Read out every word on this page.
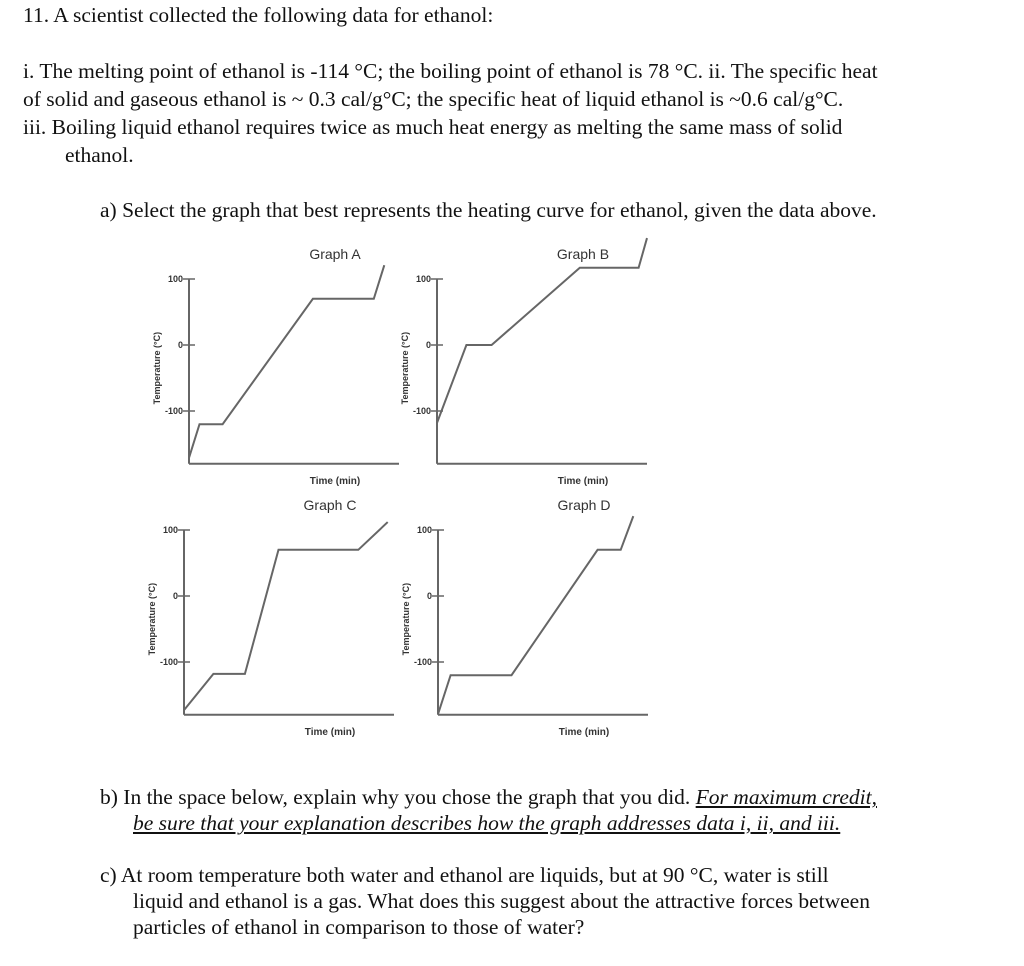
11. A scientist collected the following data for ethanol:
i. The melting point of ethanol is -114 °C; the boiling point of ethanol is 78 °C. ii. The specific heat
of solid and gaseous ethanol is ~ 0.3 cal/g°C; the specific heat of liquid ethanol is ~0.6 cal/g°C.
iii. Boiling liquid ethanol requires twice as much heat energy as melting the same mass of solid
ethanol.
a) Select the graph that best represents the heating curve for ethanol, given the data above.
Graph A
100
0
-100
Temperature (°C)
Time (min)
Graph B
100
0
-100
Temperature (°C)
Time (min)
Graph C
100
0
-100
Temperature (°C)
Time (min)
Graph D
100
0
-100
Temperature (°C)
Time (min)
b) In the space below, explain why you chose the graph that you did. For maximum credit,
be sure that your explanation describes how the graph addresses data i, ii, and iii.
c) At room temperature both water and ethanol are liquids, but at 90 °C, water is still
liquid and ethanol is a gas. What does this suggest about the attractive forces between
particles of ethanol in comparison to those of water?
